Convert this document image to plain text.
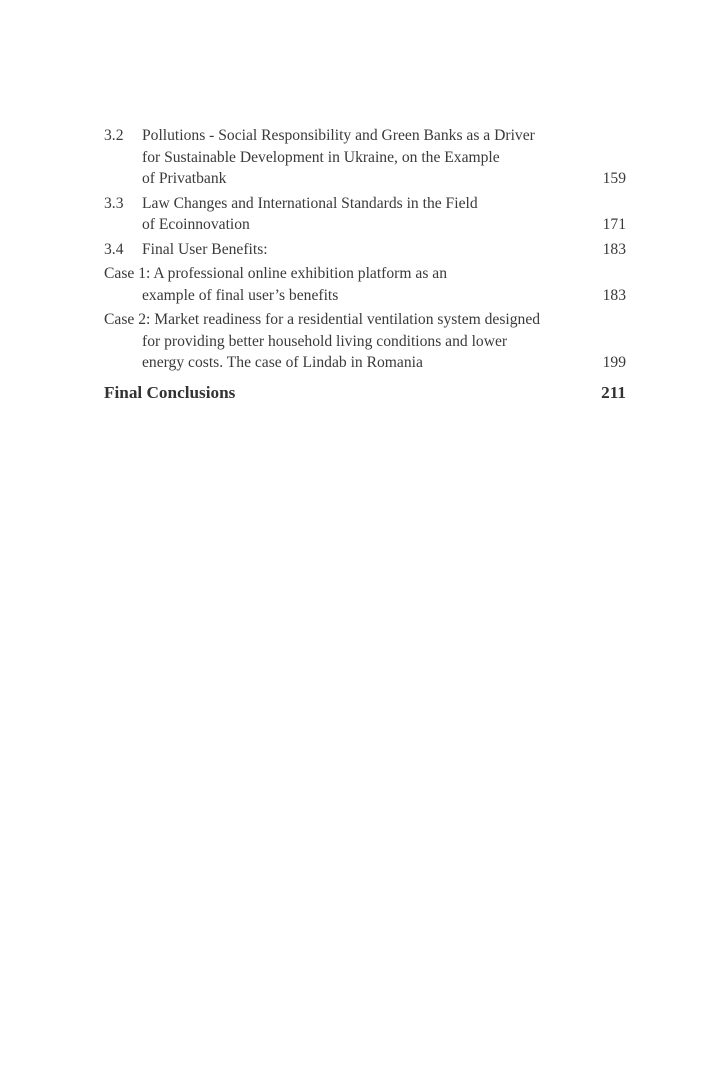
3.2	Pollutions - Social Responsibility and Green Banks as a Driver
for Sustainable Development in Ukraine, on the Example
of Privatbank	159
3.3	Law Changes and International Standards in the Field
of Ecoinnovation	171
3.4	Final User Benefits:	183
Case 1: A professional online exhibition platform as an
example of final user’s benefits	183
Case 2: Market readiness for a residential ventilation system designed
for providing better household living conditions and lower
energy costs. The case of Lindab in Romania	199
Final Conclusions	211
